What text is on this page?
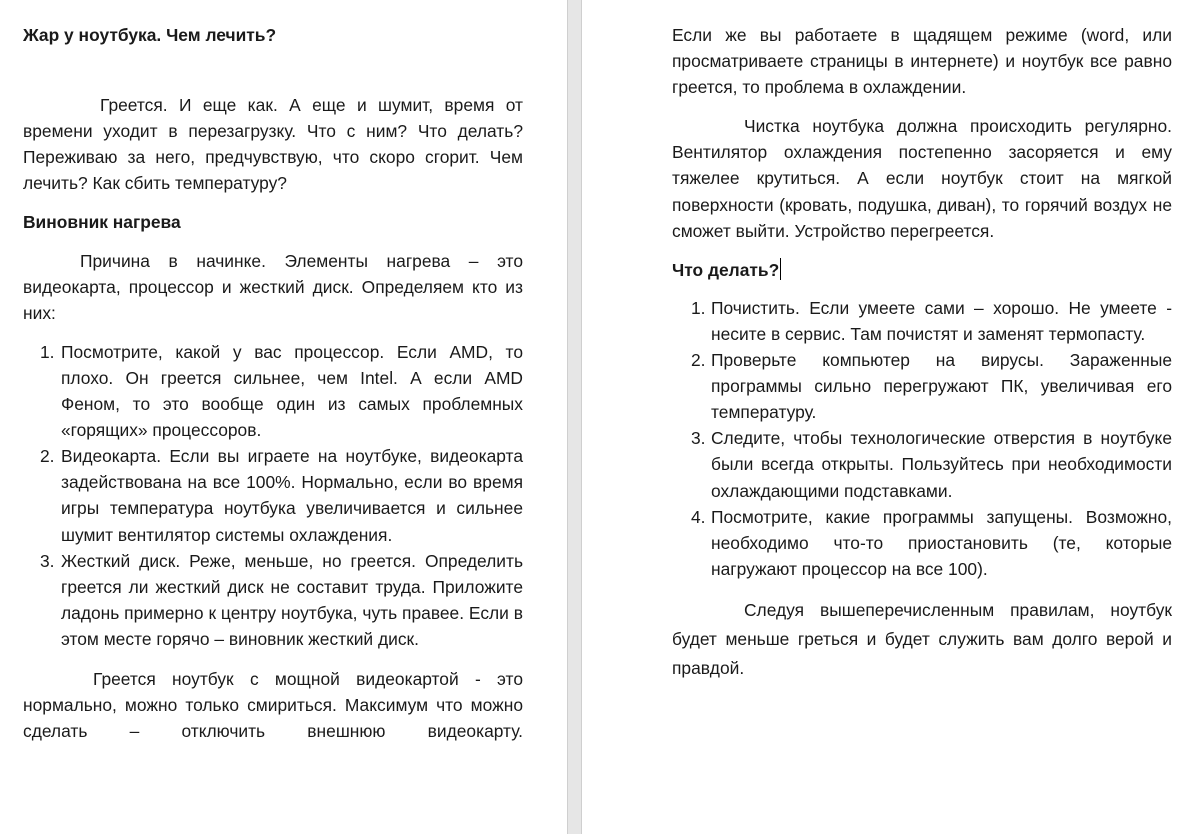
Жар у ноутбука. Чем лечить?

Греется. И еще как. А еще и шумит, время от времени уходит в перезагрузку. Что с ним? Что делать? Переживаю за него, предчувствую, что скоро сгорит. Чем лечить? Как сбить температуру?

Виновник нагрева

Причина в начинке. Элементы нагрева – это видеокарта, процессор и жесткий диск. Определяем кто из них:

1. Посмотрите, какой у вас процессор. Если AMD, то плохо. Он греется сильнее, чем Intel. А если AMD Феном, то это вообще один из самых проблемных «горящих» процессоров.
2. Видеокарта. Если вы играете на ноутбуке, видеокарта задействована на все 100%. Нормально, если во время игры температура ноутбука увеличивается и сильнее шумит вентилятор системы охлаждения.
3. Жесткий диск. Реже, меньше, но греется. Определить греется ли жесткий диск не составит труда. Приложите ладонь примерно к центру ноутбука, чуть правее. Если в этом месте горячо – виновник жесткий диск.

Греется ноутбук с мощной видеокартой - это нормально, можно только смириться. Максимум что можно сделать – отключить внешнюю видеокарту.

Если же вы работаете в щадящем режиме (word, или просматриваете страницы в интернете) и ноутбук все равно греется, то проблема в охлаждении.

Чистка ноутбука должна происходить регулярно. Вентилятор охлаждения постепенно засоряется и ему тяжелее крутиться. А если ноутбук стоит на мягкой поверхности (кровать, подушка, диван), то горячий воздух не сможет выйти. Устройство перегреется.

Что делать?
1. Почистить. Если умеете сами – хорошо. Не умеете - несите в сервис. Там почистят и заменят термопасту.
2. Проверьте компьютер на вирусы. Зараженные программы сильно перегружают ПК, увеличивая его температуру.
3. Следите, чтобы технологические отверстия в ноутбуке были всегда открыты. Пользуйтесь при необходимости охлаждающими подставками.
4. Посмотрите, какие программы запущены. Возможно, необходимо что-то приостановить (те, которые нагружают процессор на все 100).

Следуя вышеперечисленным правилам, ноутбук будет меньше греться и будет служить вам долго верой и правдой.
